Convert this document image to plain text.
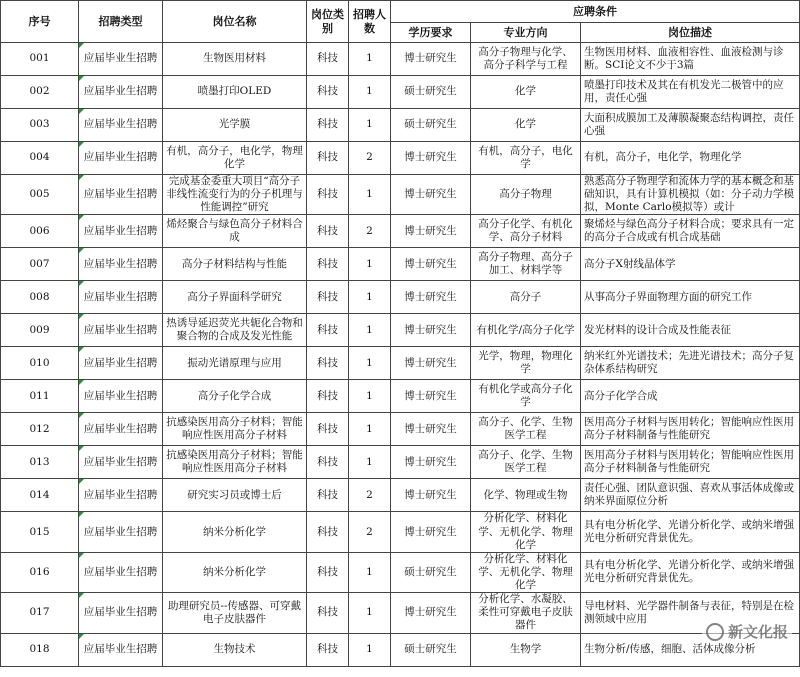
序号	招聘类型	岗位名称	岗位类别	招聘人数	应聘条件		
					学历要求	专业方向	岗位描述
001	应届毕业生招聘	生物医用材料	科技	1	博士研究生	高分子物理与化学、高分子科学与工程	生物医用材料、血液相容性、血液检测与诊断。SCI论文不少于3篇
002	应届毕业生招聘	喷墨打印OLED	科技	1	硕士研究生	化学	喷墨打印技术及其在有机发光二极管中的应用，责任心强
003	应届毕业生招聘	光学膜	科技	1	硕士研究生	化学	大面积成膜加工及薄膜凝聚态结构调控，责任心强
004	应届毕业生招聘	有机，高分子，电化学，物理化学	科技	2	博士研究生	有机，高分子，电化学	有机，高分子，电化学，物理化学
005	应届毕业生招聘	完成基金委重大项目“高分子非线性流变行为的分子机理与性能调控”研究	科技	1	博士研究生	高分子物理	熟悉高分子物理学和流体力学的基本概念和基础知识，具有计算机模拟（如：分子动力学模拟，Monte Carlo模拟等）或计
006	应届毕业生招聘	烯烃聚合与绿色高分子材料合成	科技	2	博士研究生	高分子化学、有机化学、高分子材料	聚烯烃与绿色高分子材料合成；要求具有一定的高分子合成或有机合成基础
007	应届毕业生招聘	高分子材料结构与性能	科技	1	博士研究生	高分子物理、高分子加工、材料学等	高分子X射线晶体学
008	应届毕业生招聘	高分子界面科学研究	科技	1	博士研究生	高分子	从事高分子界面物理方面的研究工作
009	应届毕业生招聘	热诱导延迟荧光共轭化合物和聚合物的合成及发光性能	科技	1	博士研究生	有机化学/高分子化学	发光材料的设计合成及性能表征
010	应届毕业生招聘	振动光谱原理与应用	科技	1	博士研究生	光学，物理，物理化学	纳米红外光谱技术；先进光谱技术；高分子复杂体系结构研究
011	应届毕业生招聘	高分子化学合成	科技	1	博士研究生	有机化学或高分子化学	高分子化学合成
012	应届毕业生招聘	抗感染医用高分子材料；智能响应性医用高分子材料	科技	1	博士研究生	高分子、化学、生物医学工程	医用高分子材料与医用转化；智能响应性医用高分子材料制备与性能研究
013	应届毕业生招聘	抗感染医用高分子材料；智能响应性医用高分子材料	科技	1	博士研究生	高分子、化学、生物医学工程	医用高分子材料与医用转化；智能响应性医用高分子材料制备与性能研究
014	应届毕业生招聘	研究实习员或博士后	科技	2	博士研究生	化学、物理或生物	责任心强、团队意识强、喜欢从事活体成像或纳米界面原位分析
015	应届毕业生招聘	纳米分析化学	科技	2	博士研究生	分析化学、材料化学、无机化学、物理化学	具有电分析化学、光谱分析化学、或纳米增强光电分析研究背景优先。
016	应届毕业生招聘	纳米分析化学	科技	1	硕士研究生	分析化学、材料化学、无机化学、物理化学	具有电分析化学、光谱分析化学、或纳米增强光电分析研究背景优先。
017	应届毕业生招聘	助理研究员--传感器、可穿戴电子皮肤器件	科技	1	博士研究生	分析化学、水凝胶、柔性可穿戴电子皮肤器件	导电材料、光学器件制备与表征，特别是在检测领域中应用
018	应届毕业生招聘	生物技术	科技	1	硕士研究生	生物学	生物分析/传感，细胞、活体成像分析
新文化报
